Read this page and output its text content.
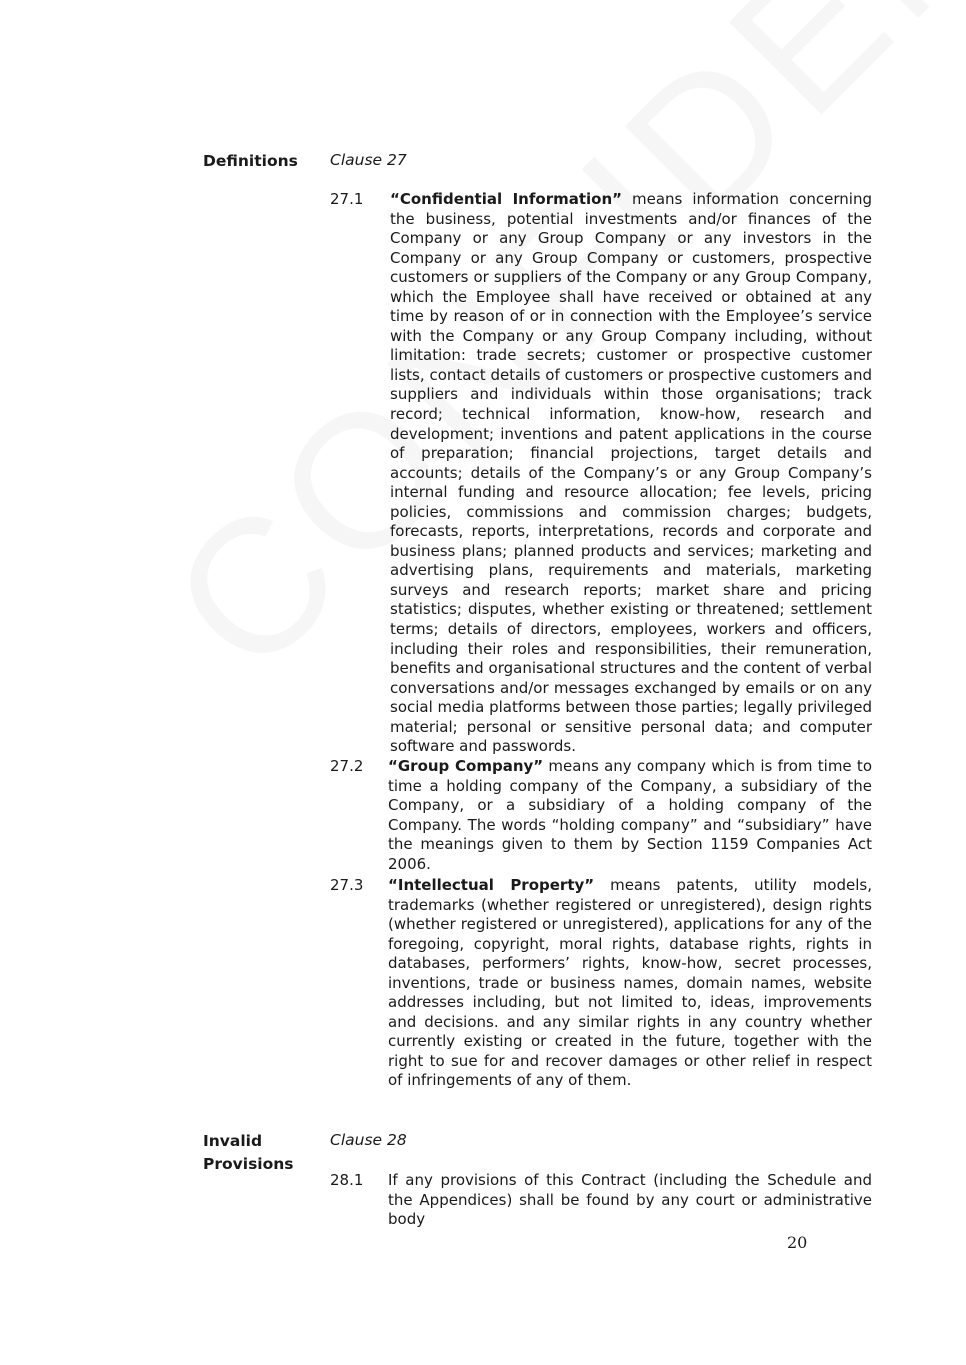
Definitions	Clause 27
27.1 “Confidential Information” means information concerning the business, potential investments and/or finances of the Company or any Group Company or any investors in the Company or any Group Company or customers, prospective customers or suppliers of the Company or any Group Company, which the Employee shall have received or obtained at any time by reason of or in connection with the Employee’s service with the Company or any Group Company including, without limitation: trade secrets; customer or prospective customer lists, contact details of customers or prospective customers and suppliers and individuals within those organisations; track record; technical information, know-how, research and development; inventions and patent applications in the course of preparation; financial projections, target details and accounts; details of the Company’s or any Group Company’s internal funding and resource allocation; fee levels, pricing policies, commissions and commission charges; budgets, forecasts, reports, interpretations, records and corporate and business plans; planned products and services; marketing and advertising plans, requirements and materials, marketing surveys and research reports; market share and pricing statistics; disputes, whether existing or threatened; settlement terms; details of directors, employees, workers and officers, including their roles and responsibilities, their remuneration, benefits and organisational structures and the content of verbal conversations and/or messages exchanged by emails or on any social media platforms between those parties; legally privileged material; personal or sensitive personal data; and computer software and passwords.

27.2 “Group Company” means any company which is from time to time a holding company of the Company, a subsidiary of the Company, or a subsidiary of a holding company of the Company. The words “holding company” and “subsidiary” have the meanings given to them by Section 1159 Companies Act 2006.

27.3 “Intellectual Property” means patents, utility models, trademarks (whether registered or unregistered), design rights (whether registered or unregistered), applications for any of the foregoing, copyright, moral rights, database rights, rights in databases, performers’ rights, know-how, secret processes, inventions, trade or business names, domain names, website addresses including, but not limited to, ideas, improvements and decisions. and any similar rights in any country whether currently existing or created in the future, together with the right to sue for and recover damages or other relief in respect of infringements of any of them.

Invalid Provisions
Clause 28
28.1 If any provisions of this Contract (including the Schedule and the Appendices) shall be found by any court or administrative body

20
